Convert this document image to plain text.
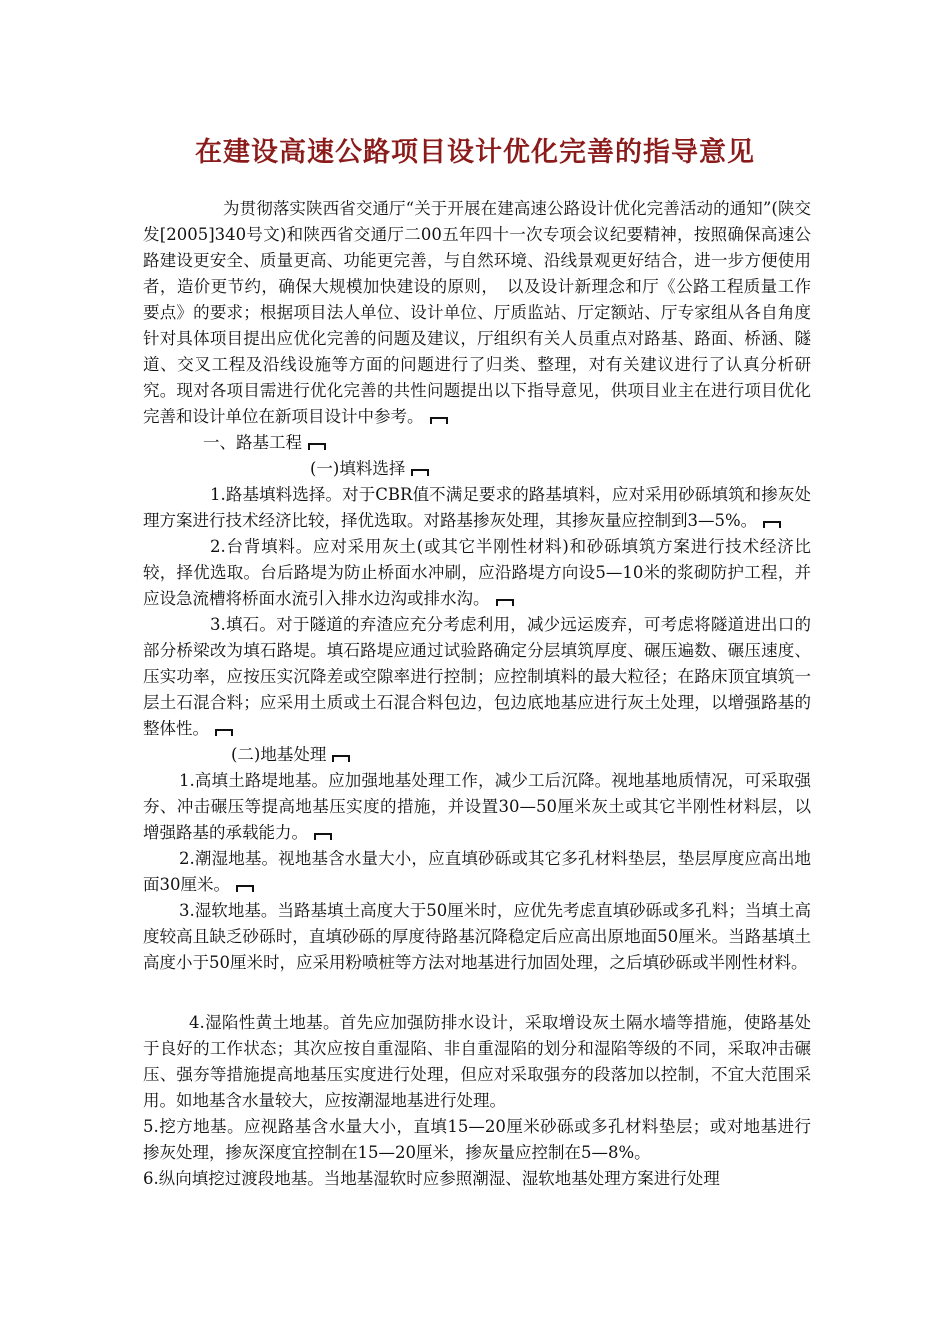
在建设高速公路项目设计优化完善的指导意见

为贯彻落实陕西省交通厅“关于开展在建高速公路设计优化完善活动的通知”(陕交发[2005]340号文)和陕西省交通厅二00五年四十一次专项会议纪要精神，按照确保高速公路建设更安全、质量更高、功能更完善，与自然环境、沿线景观更好结合，进一步方便使用者，造价更节约，确保大规模加快建设的原则，　以及设计新理念和厅《公路工程质量工作要点》的要求；根据项目法人单位、设计单位、厅质监站、厅定额站、厅专家组从各自角度针对具体项目提出应优化完善的问题及建议，厅组织有关人员重点对路基、路面、桥涵、隧道、交叉工程及沿线设施等方面的问题进行了归类、整理，对有关建议进行了认真分析研究。现对各项目需进行优化完善的共性问题提出以下指导意见，供项目业主在进行项目优化完善和设计单位在新项目设计中参考。

一、路基工程

(一)填料选择

1.路基填料选择。对于CBR值不满足要求的路基填料，应对采用砂砾填筑和掺灰处理方案进行技术经济比较，择优选取。对路基掺灰处理，其掺灰量应控制到3—5%。

2.台背填料。应对采用灰土(或其它半刚性材料)和砂砾填筑方案进行技术经济比较，择优选取。台后路堤为防止桥面水冲刷，应沿路堤方向设5—10米的浆砌防护工程，并应设急流槽将桥面水流引入排水边沟或排水沟。

3.填石。对于隧道的弃渣应充分考虑利用，减少远运废弃，可考虑将隧道进出口的部分桥梁改为填石路堤。填石路堤应通过试验路确定分层填筑厚度、碾压遍数、碾压速度、压实功率，应按压实沉降差或空隙率进行控制；应控制填料的最大粒径；在路床顶宜填筑一层土石混合料；应采用土质或土石混合料包边，包边底地基应进行灰土处理，以增强路基的整体性。

(二)地基处理

1.高填土路堤地基。应加强地基处理工作，减少工后沉降。视地基地质情况，可采取强夯、冲击碾压等提高地基压实度的措施，并设置30—50厘米灰土或其它半刚性材料层，以增强路基的承载能力。

2.潮湿地基。视地基含水量大小，应直填砂砾或其它多孔材料垫层，垫层厚度应高出地面30厘米。

3.湿软地基。当路基填土高度大于50厘米时，应优先考虑直填砂砾或多孔料；当填土高度较高且缺乏砂砾时，直填砂砾的厚度待路基沉降稳定后应高出原地面50厘米。当路基填土高度小于50厘米时，应采用粉喷桩等方法对地基进行加固处理，之后填砂砾或半刚性材料。

4.湿陷性黄土地基。首先应加强防排水设计，采取增设灰土隔水墙等措施，使路基处于良好的工作状态；其次应按自重湿陷、非自重湿陷的划分和湿陷等级的不同，采取冲击碾压、强夯等措施提高地基压实度进行处理，但应对采取强夯的段落加以控制，不宜大范围采用。如地基含水量较大，应按潮湿地基进行处理。

5.挖方地基。应视路基含水量大小，直填15—20厘米砂砾或多孔材料垫层；或对地基进行掺灰处理，掺灰深度宜控制在15—20厘米，掺灰量应控制在5—8%。

6.纵向填挖过渡段地基。当地基湿软时应参照潮湿、湿软地基处理方案进行处理
